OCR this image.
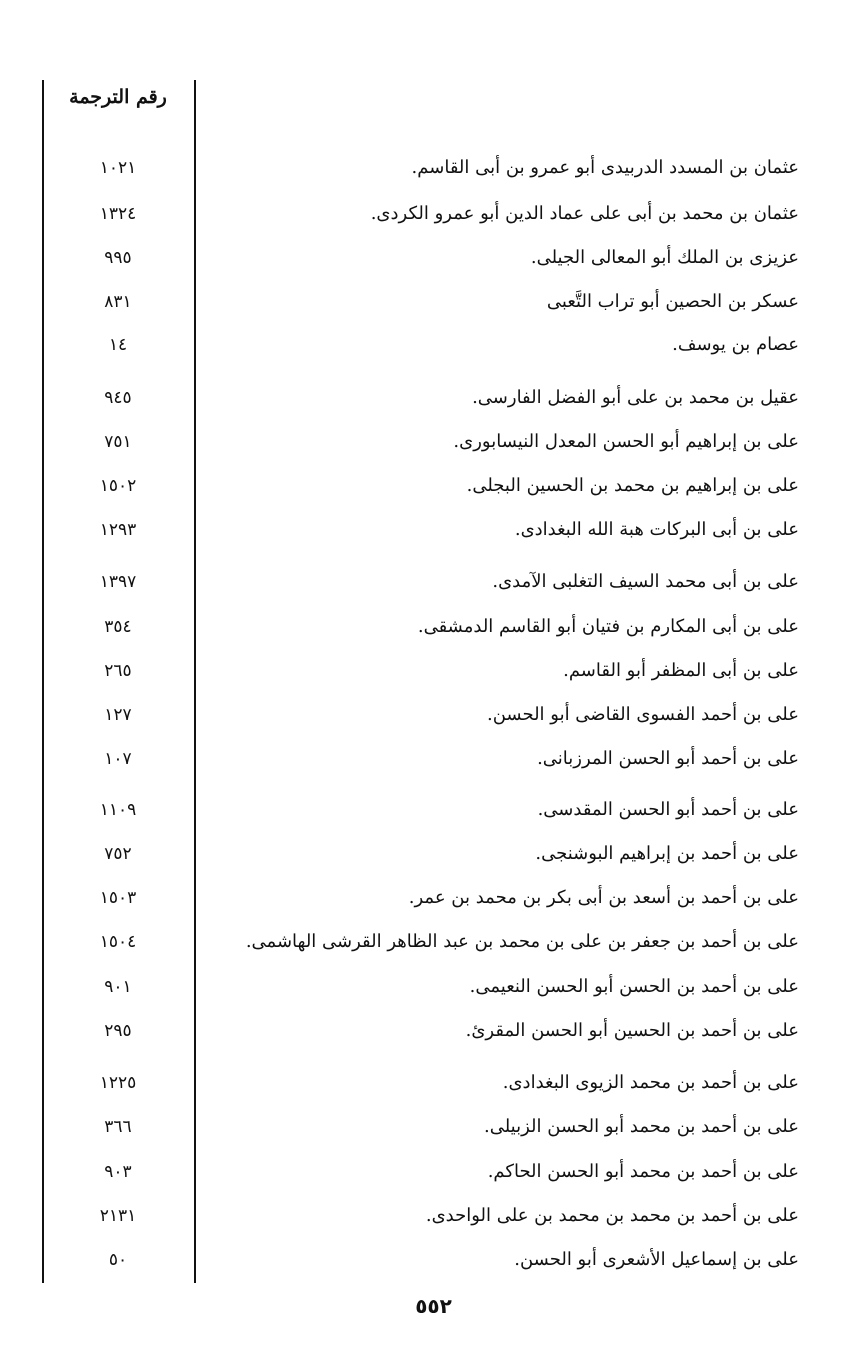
رقم الترجمة
عثمان بن المسدد الدربيدى أبو عمرو بن أبى القاسم.
١٠٢١
عثمان بن محمد بن أبى على عماد الدين أبو عمرو الكردى.
١٣٢٤
عزيزى بن الملك أبو المعالى الجيلى.
٩٩٥
عسكر بن الحصين أبو تراب التَّعبى
٨٣١
عصام بن يوسف.
١٤
عقيل بن محمد بن على أبو الفضل الفارسى.
٩٤٥
على بن إبراهيم أبو الحسن المعدل النيسابورى.
٧٥١
على بن إبراهيم بن محمد بن الحسين البجلى.
١٥٠٢
على بن أبى البركات هبة الله البغدادى.
١٢٩٣
على بن أبى محمد السيف التغلبى الآمدى.
١٣٩٧
على بن أبى المكارم بن فتيان أبو القاسم الدمشقى.
٣٥٤
على بن أبى المظفر أبو القاسم.
٢٦٥
على بن أحمد الفسوى القاضى أبو الحسن.
١٢٧
على بن أحمد أبو الحسن المرزبانى.
١٠٧
على بن أحمد أبو الحسن المقدسى.
١١٠٩
على بن أحمد بن إبراهيم البوشنجى.
٧٥٢
على بن أحمد بن أسعد بن أبى بكر بن محمد بن عمر.
١٥٠٣
على بن أحمد بن جعفر بن على بن محمد بن عبد الظاهر القرشى الهاشمى.
١٥٠٤
على بن أحمد بن الحسن أبو الحسن النعيمى.
٩٠١
على بن أحمد بن الحسين أبو الحسن المقرئ.
٢٩٥
على بن أحمد بن محمد الزيوى البغدادى.
١٢٢٥
على بن أحمد بن محمد أبو الحسن الزبيلى.
٣٦٦
على بن أحمد بن محمد أبو الحسن الحاكم.
٩٠٣
على بن أحمد بن محمد بن محمد بن على الواحدى.
٢١٣١
على بن إسماعيل الأشعرى أبو الحسن.
٥٠
٥٥٢
